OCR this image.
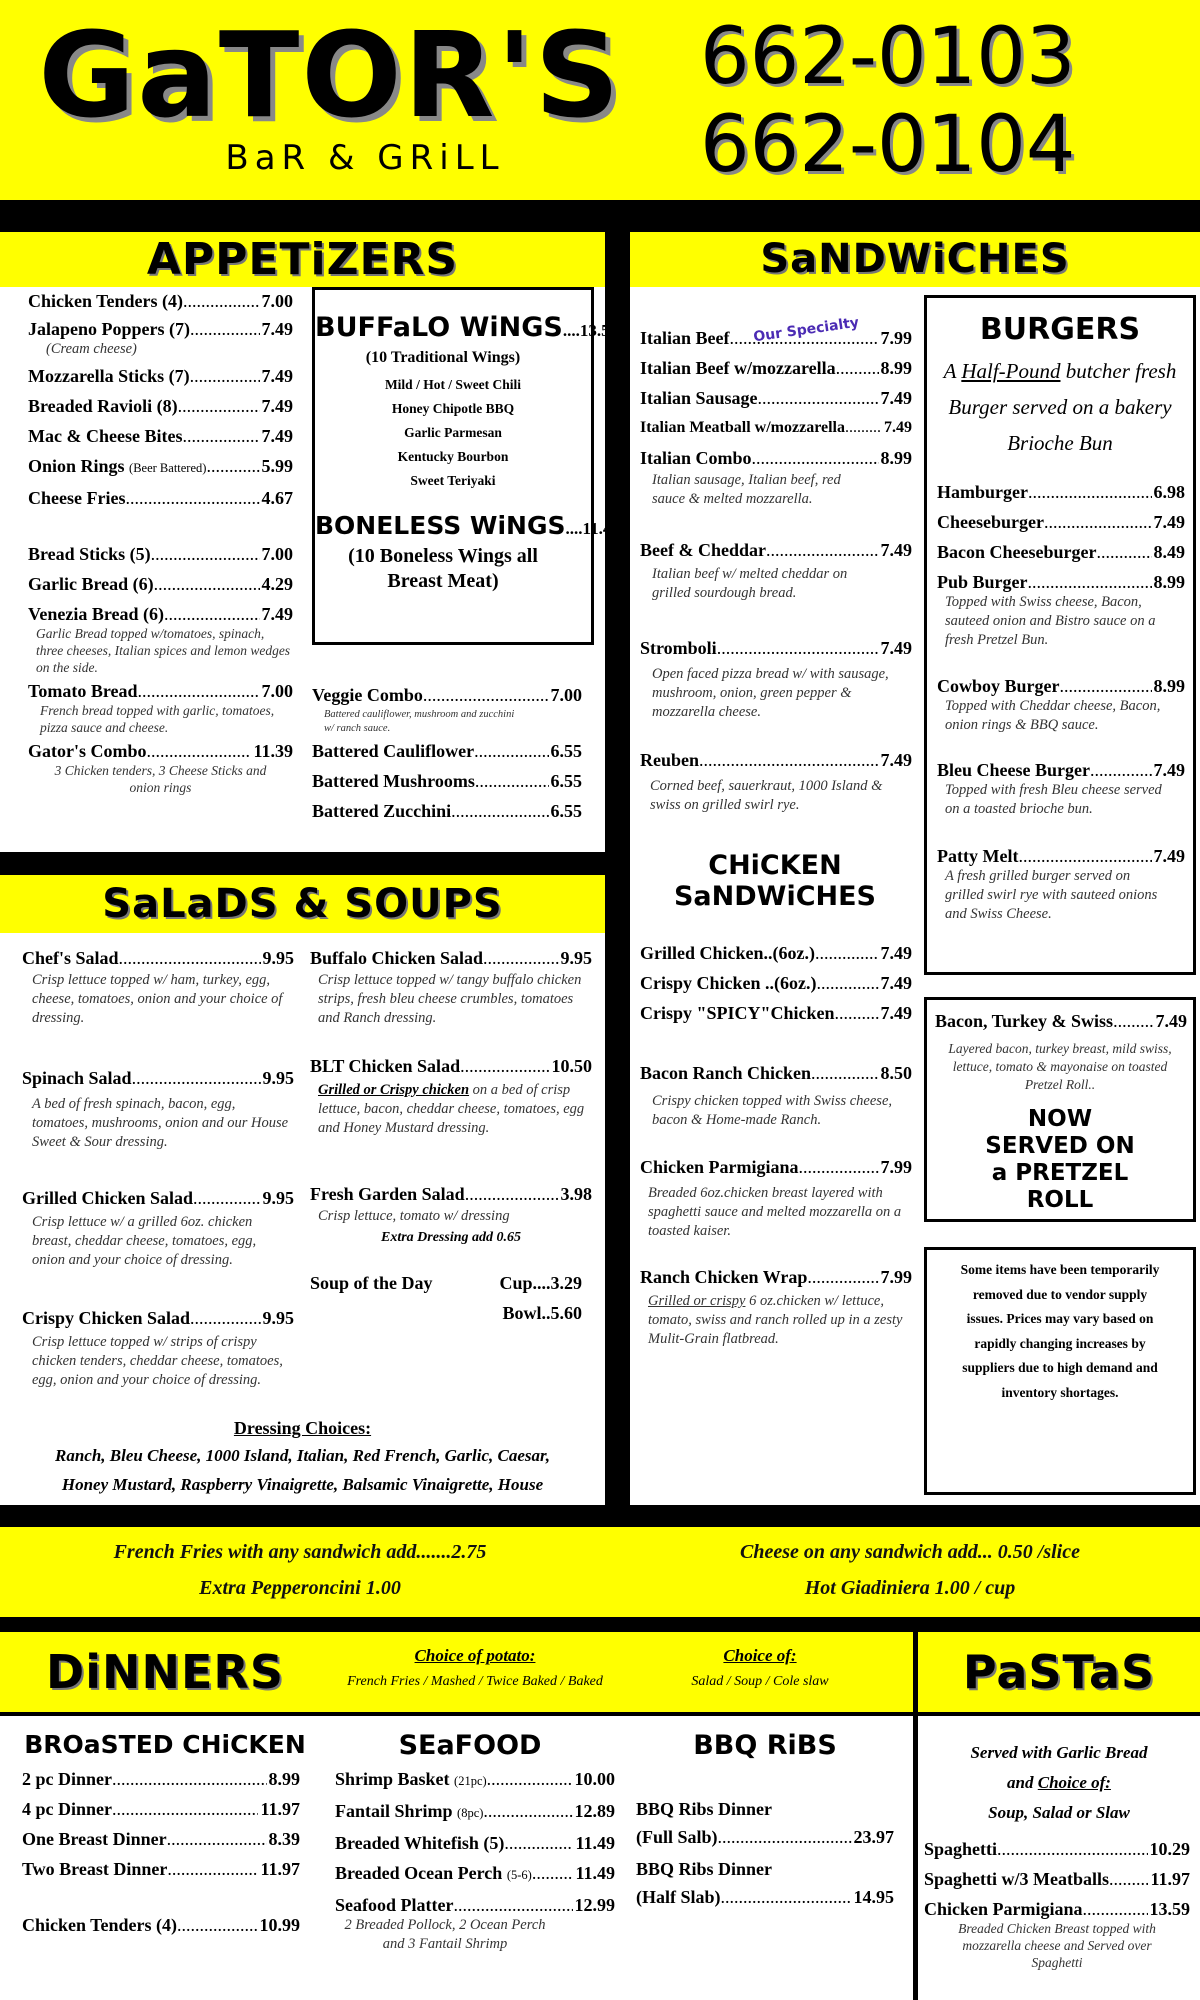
GaTOR'S
BaR & GRiLL
662-0103
662-0104
APPETiZERS
Chicken Tenders (4) .....	7.00
Jalapeno Poppers (7) .....	7.49
(Cream cheese)
Mozzarella Sticks (7) .....	7.49
Breaded Ravioli (8) .....	7.49
Mac & Cheese Bites .....	7.49
Onion Rings (Beer Battered) .....	5.99
Cheese Fries .....	4.67
Bread Sticks (5) .....	7.00
Garlic Bread (6) .....	4.29
Venezia Bread (6) .....	7.49
Garlic Bread topped w/tomatoes, spinach, three cheeses, Italian spices and lemon wedges on the side.
Tomato Bread .....	7.00
French bread topped with garlic, tomatoes, pizza sauce and cheese.
Gator's Combo .....	11.39
3 Chicken tenders, 3 Cheese Sticks and onion rings
BUFFaLO WiNGS....13.59
(10 Traditional Wings)
Mild / Hot / Sweet Chili
Honey Chipotle BBQ
Garlic Parmesan
Kentucky Bourbon
Sweet Teriyaki
BONELESS WiNGS....11.49
(10 Boneless Wings all Breast Meat)
Veggie Combo .....	7.00
Battered cauliflower, mushroom and zucchini w/ ranch sauce.
Battered Cauliflower .....	6.55
Battered Mushrooms .....	6.55
Battered Zucchini .....	6.55
SaLaDS & SOUPS
Chef's Salad .....	9.95
Crisp lettuce topped w/ ham, turkey, egg, cheese, tomatoes, onion and your choice of dressing.
Spinach Salad .....	9.95
A bed of fresh spinach, bacon, egg, tomatoes, mushrooms, onion and our House Sweet & Sour dressing.
Grilled Chicken Salad .....	9.95
Crisp lettuce w/ a grilled 6oz. chicken breast, cheddar cheese, tomatoes, egg, onion and your choice of dressing.
Crispy Chicken Salad .....	9.95
Crisp lettuce topped w/ strips of crispy chicken tenders, cheddar cheese, tomatoes, egg, onion and your choice of dressing.
Buffalo Chicken Salad .....	9.95
Crisp lettuce topped w/ tangy buffalo chicken strips, fresh bleu cheese crumbles, tomatoes and Ranch dressing.
BLT Chicken Salad .....	10.50
Grilled or Crispy chicken on a bed of crisp lettuce, bacon, cheddar cheese, tomatoes, egg and Honey Mustard dressing.
Fresh Garden Salad .....	3.98
Crisp lettuce, tomato w/ dressing
Extra Dressing add 0.65
Soup of the Day	Cup....3.29
Bowl..5.60
Dressing Choices:
Ranch, Bleu Cheese, 1000 Island, Italian, Red French, Garlic, Caesar,
Honey Mustard, Raspberry Vinaigrette, Balsamic Vinaigrette, House
SaNDWiCHES
Italian Beef .....	7.99
Italian Beef w/mozzarella .....	8.99
Italian Sausage .....	7.49
Italian Meatball w/mozzarella .....	7.49
Italian Combo .....	8.99
Italian sausage, Italian beef, red sauce & melted mozzarella.
Beef & Cheddar .....	7.49
Italian beef w/ melted cheddar on grilled sourdough bread.
Stromboli .....	7.49
Open faced pizza bread w/ with sausage, mushroom, onion, green pepper & mozzarella cheese.
Reuben .....	7.49
Corned beef, sauerkraut, 1000 Island & swiss on grilled swirl rye.
Our Specialty
CHiCKEN SaNDWiCHES
Grilled Chicken..(6oz.) .....	7.49
Crispy Chicken ..(6oz.) .....	7.49
Crispy "SPICY"Chicken .....	7.49
Bacon Ranch Chicken .....	8.50
Crispy chicken topped with Swiss cheese, bacon & Home-made Ranch.
Chicken Parmigiana .....	7.99
Breaded 6oz.chicken breast layered with spaghetti sauce and melted mozzarella on a toasted kaiser.
Ranch Chicken Wrap .....	7.99
Grilled or crispy 6 oz.chicken w/ lettuce, tomato, swiss and ranch rolled up in a zesty Mulit-Grain flatbread.
BURGERS
A Half-Pound butcher fresh Burger served on a bakery Brioche Bun
Hamburger .....	6.98
Cheeseburger .....	7.49
Bacon Cheeseburger .....	8.49
Pub Burger .....	8.99
Topped with Swiss cheese, Bacon, sauteed onion and Bistro sauce on a fresh Pretzel Bun.
Cowboy Burger .....	8.99
Topped with Cheddar cheese, Bacon, onion rings & BBQ sauce.
Bleu Cheese Burger .....	7.49
Topped with fresh Bleu cheese served on a toasted brioche bun.
Patty Melt .....	7.49
A fresh grilled burger served on grilled swirl rye with sauteed onions and Swiss Cheese.
Bacon, Turkey & Swiss .....	7.49
Layered bacon, turkey breast, mild swiss, lettuce, tomato & mayonaise on toasted Pretzel Roll..
NOW SERVED ON a PRETZEL ROLL
Some items have been temporarily removed due to vendor supply issues. Prices may vary based on rapidly changing increases by suppliers due to high demand and inventory shortages.
French Fries with any sandwich add.......2.75
Extra Pepperoncini 1.00
Cheese on any sandwich add... 0.50 /slice
Hot Giadiniera 1.00 / cup
DiNNERS	Choice of potato:
French Fries / Mashed / Twice Baked / Baked
Choice of:
Salad / Soup / Cole slaw
BROaSTED CHiCKEN
2 pc Dinner .....	8.99
4 pc Dinner .....	11.97
One Breast Dinner .....	8.39
Two Breast Dinner .....	11.97
Chicken Tenders (4) .....	10.99
SEaFOOD
Shrimp Basket (21pc) .....	10.00
Fantail Shrimp (8pc) .....	12.89
Breaded Whitefish (5) .....	11.49
Breaded Ocean Perch (5-6) .....	11.49
Seafood Platter .....	12.99
2 Breaded Pollock, 2 Ocean Perch and 3 Fantail Shrimp
BBQ RiBS
BBQ Ribs Dinner
(Full Salb) .....	23.97
BBQ Ribs Dinner
(Half Slab) .....	14.95
PaSTaS
Served with Garlic Bread
and Choice of:
Soup, Salad or Slaw
Spaghetti .....	10.29
Spaghetti w/3 Meatballs .....	11.97
Chicken Parmigiana .....	13.59
Breaded Chicken Breast topped with mozzarella cheese and Served over Spaghetti
